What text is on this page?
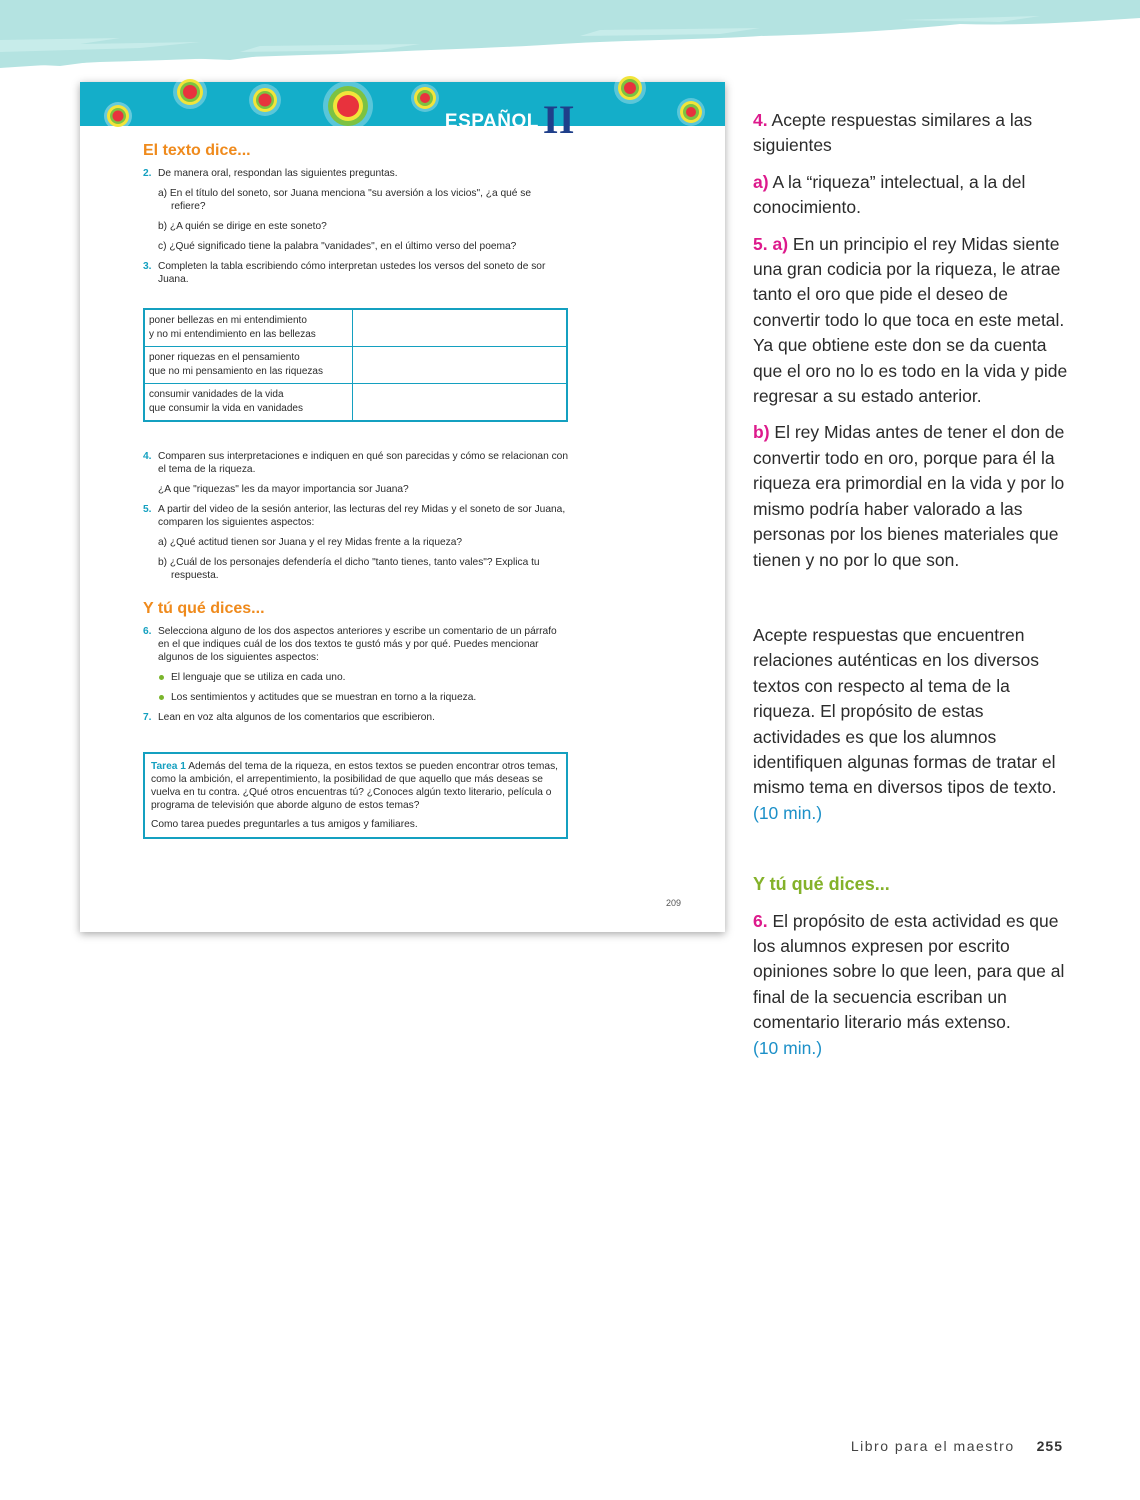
ESPAÑOL II
El texto dice...
2. De manera oral, respondan las siguientes preguntas.
a) En el título del soneto, sor Juana menciona "su aversión a los vicios", ¿a qué se refiere?
b) ¿A quién se dirige en este soneto?
c) ¿Qué significado tiene la palabra "vanidades", en el último verso del poema?
3. Completen la tabla escribiendo cómo interpretan ustedes los versos del soneto de sor Juana.
poner bellezas en mi entendimiento
y no mi entendimiento en las bellezas	

poner riquezas en el pensamiento
que no mi pensamiento en las riquezas	

consumir vanidades de la vida
que consumir la vida en vanidades	

4. Comparen sus interpretaciones e indiquen en qué son parecidas y cómo se relacionan con el tema de la riqueza.
¿A que "riquezas" les da mayor importancia sor Juana?
5. A partir del video de la sesión anterior, las lecturas del rey Midas y el soneto de sor Juana, comparen los siguientes aspectos:
a) ¿Qué actitud tienen sor Juana y el rey Midas frente a la riqueza?
b) ¿Cuál de los personajes defendería el dicho "tanto tienes, tanto vales"? Explica tu respuesta.
Y tú qué dices...
6. Selecciona alguno de los dos aspectos anteriores y escribe un comentario de un párrafo en el que indiques cuál de los dos textos te gustó más y por qué. Puedes mencionar algunos de los siguientes aspectos:
El lenguaje que se utiliza en cada uno.
Los sentimientos y actitudes que se muestran en torno a la riqueza.
7. Lean en voz alta algunos de los comentarios que escribieron.

Tarea 1 Además del tema de la riqueza, en estos textos se pueden encontrar otros temas, como la ambición, el arrepentimiento, la posibilidad de que aquello que más deseas se vuelva en tu contra. ¿Qué otros encuentras tú? ¿Conoces algún texto literario, película o programa de televisión que aborde alguno de estos temas?

Como tarea puedes preguntarles a tus amigos y familiares.

209

4. Acepte respuestas similares a las siguientes

a) A la “riqueza” intelectual, a la del conocimiento.

5. a) En un principio el rey Midas siente una gran codicia por la riqueza, le atrae tanto el oro que pide el deseo de convertir todo lo que toca en este metal. Ya que obtiene este don se da cuenta que el oro no lo es todo en la vida y pide regresar a su estado anterior.

b) El rey Midas antes de tener el don de convertir todo en oro, porque para él la riqueza era primordial en la vida y por lo mismo podría haber valorado a las personas por los bienes materiales que tienen y no por lo que son.

Acepte respuestas que encuentren relaciones auténticas en los diversos textos con respecto al tema de la riqueza. El propósito de estas actividades es que los alumnos identifiquen algunas formas de tratar el mismo tema en diversos tipos de texto. (10 min.)

Y tú qué dices...

6. El propósito de esta actividad es que los alumnos expresen por escrito opiniones sobre lo que leen, para que al final de la secuencia escriban un comentario literario más extenso.
(10 min.)

Libro para el maestro 255
